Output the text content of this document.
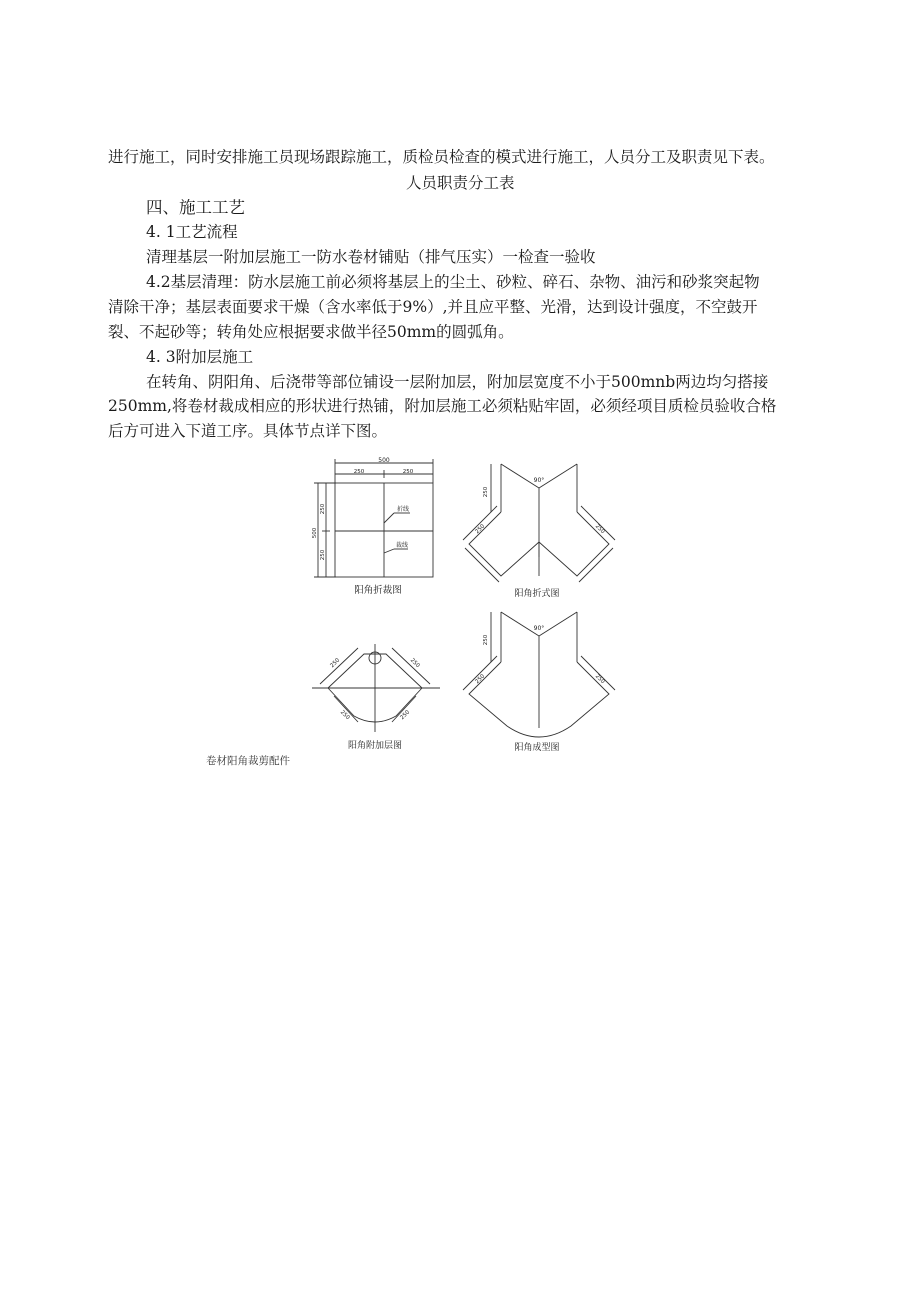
进行施工，同时安排施工员现场跟踪施工，质检员检查的模式进行施工，人员分工及职责见下表。
人员职责分工表
四、施工工艺
4. 1工艺流程
清理基层一附加层施工一防水卷材铺贴（排气压实）一检查一验收
4.2基层清理：防水层施工前必须将基层上的尘土、砂粒、碎石、杂物、油污和砂浆突起物
清除干净；基层表面要求干燥（含水率低于9%）,并且应平整、光滑，达到设计强度，不空鼓开
裂、不起砂等；转角处应根据要求做半径50mm的圆弧角。
4. 3附加层施工
在转角、阴阳角、后浇带等部位铺设一层附加层，附加层宽度不小于500mnb两边均匀搭接
250mm,将卷材裁成相应的形状进行热铺，附加层施工必须粘贴牢固，必须经项目质检员验收合格
后方可进入下道工序。具体节点详下图。
500
250	250
500
250
250
折线
裁线
阳角折裁图
90°
250
250	250
阳角折式图
250	250
250	250
阳角附加层图
90°
250
250	250
阳角成型图
卷材阳角裁剪配件
